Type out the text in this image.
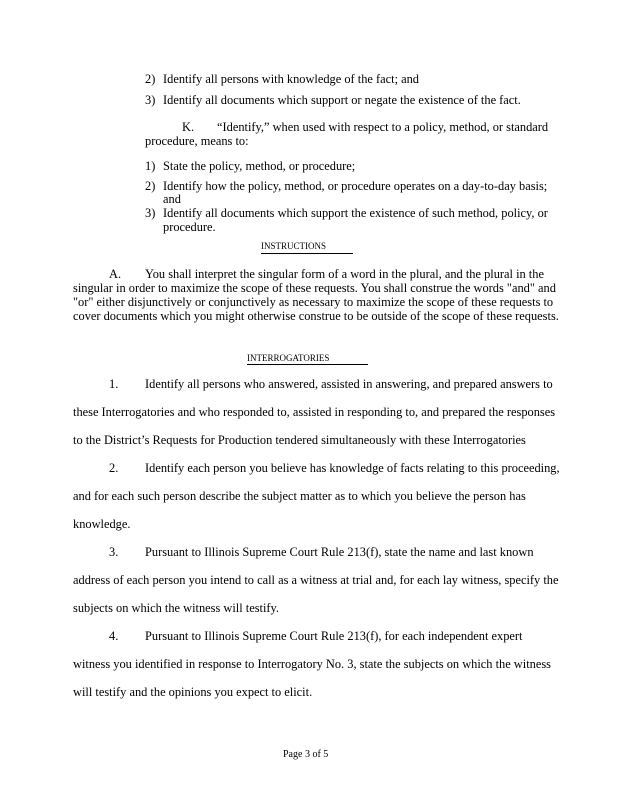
2) Identify all persons with knowledge of the fact; and
3) Identify all documents which support or negate the existence of the fact.
K. “Identify,” when used with respect to a policy, method, or standard
procedure, means to:
1) State the policy, method, or procedure;
2) Identify how the policy, method, or procedure operates on a day-to-day basis;
and
3) Identify all documents which support the existence of such method, policy, or
procedure.
INSTRUCTIONS
A. You shall interpret the singular form of a word in the plural, and the plural in the
singular in order to maximize the scope of these requests. You shall construe the words "and" and
"or" either disjunctively or conjunctively as necessary to maximize the scope of these requests to
cover documents which you might otherwise construe to be outside of the scope of these requests.
INTERROGATORIES
1. Identify all persons who answered, assisted in answering, and prepared answers to
these Interrogatories and who responded to, assisted in responding to, and prepared the responses
to the District’s Requests for Production tendered simultaneously with these Interrogatories
2. Identify each person you believe has knowledge of facts relating to this proceeding,
and for each such person describe the subject matter as to which you believe the person has
knowledge.
3. Pursuant to Illinois Supreme Court Rule 213(f), state the name and last known
address of each person you intend to call as a witness at trial and, for each lay witness, specify the
subjects on which the witness will testify.
4. Pursuant to Illinois Supreme Court Rule 213(f), for each independent expert
witness you identified in response to Interrogatory No. 3, state the subjects on which the witness
will testify and the opinions you expect to elicit.
Page 3 of 5
